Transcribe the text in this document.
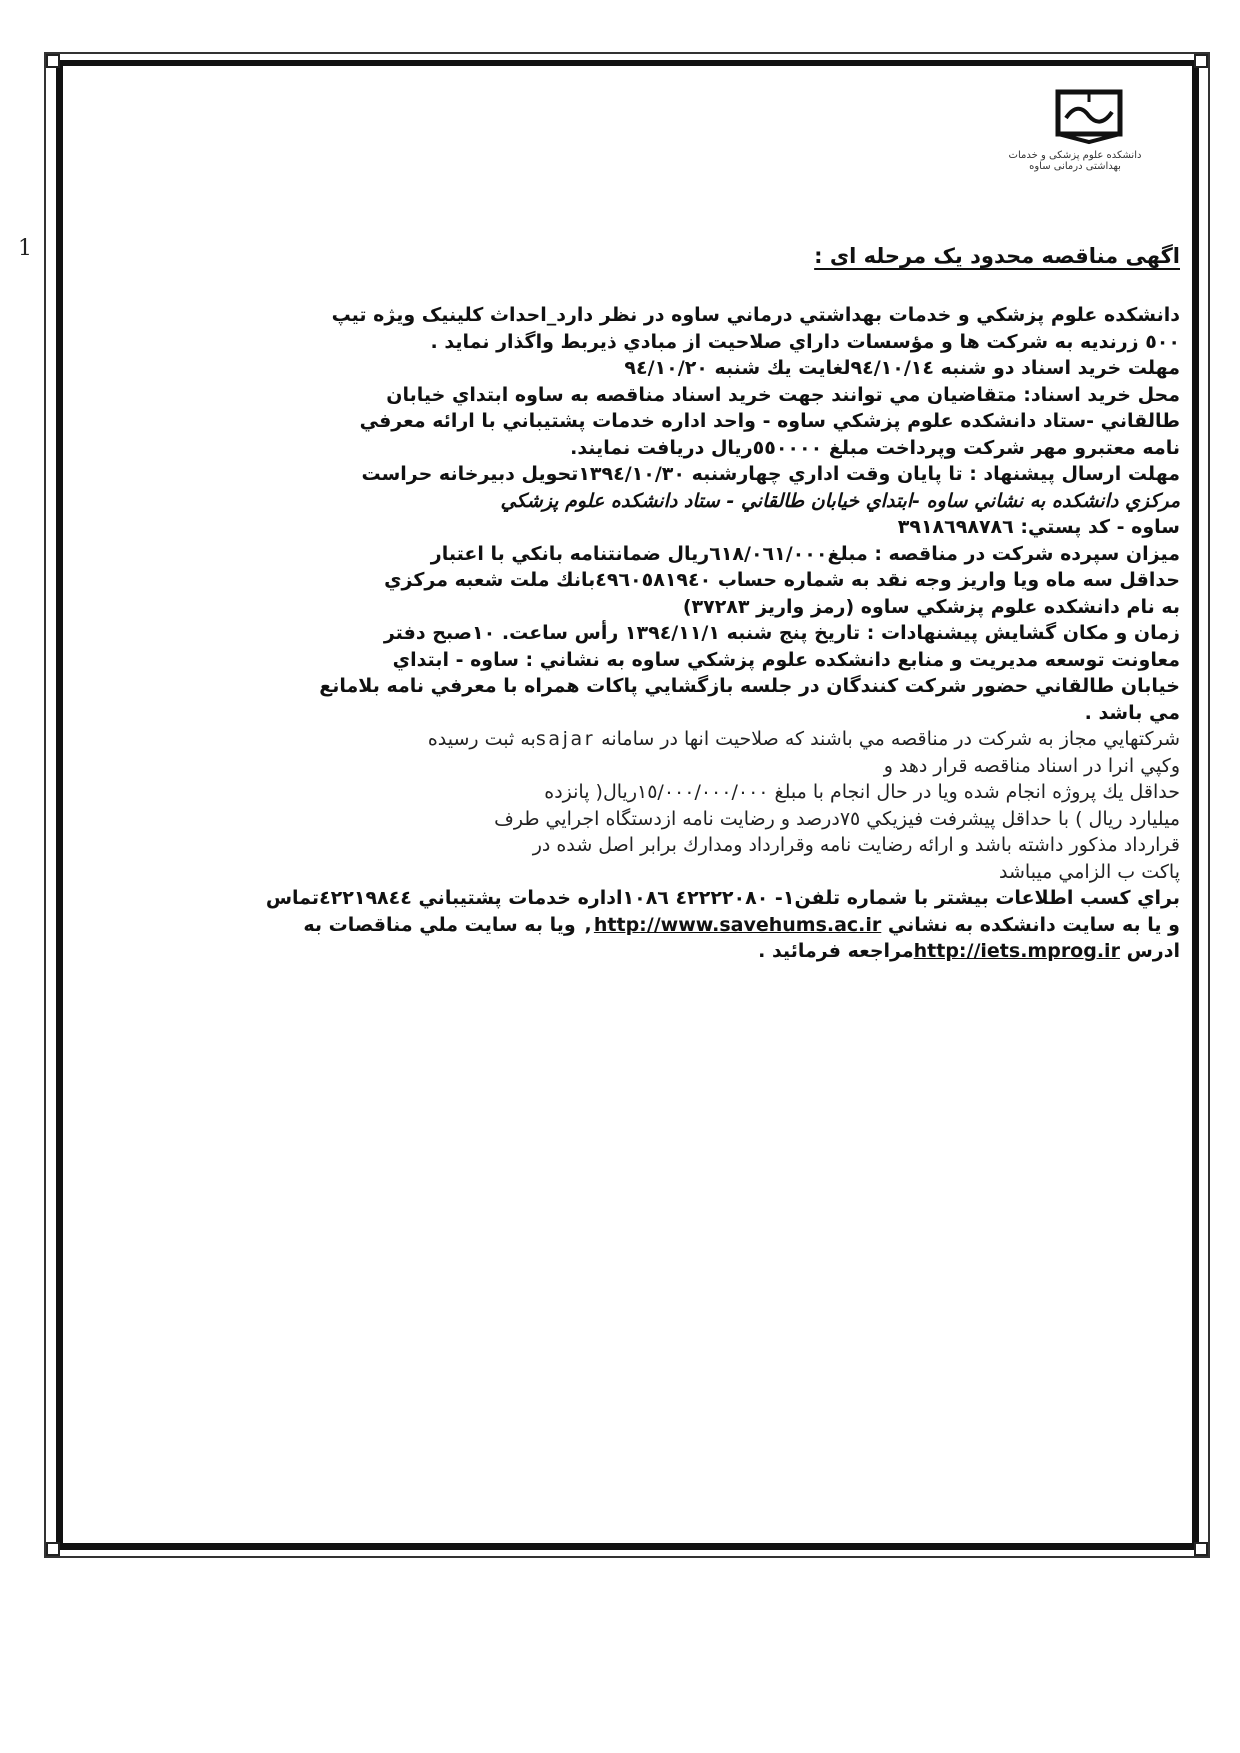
1
دانشکده علوم پزشکی و خدمات بهداشتی درمانی ساوه
اگهی مناقصه محدود یک مرحله ای :
دانشكده علوم پزشكي و خدمات بهداشتي درماني ساوه در نظر دارد_احداث كلينيک ويژه تيپ
٥٠٠ زرنديه به شركت ها و مؤسسات داراي صلاحيت از مبادي ذيربط واگذار نمايد .
مهلت خريد اسناد دو شنبه ٩٤/١٠/١٤لغايت يك شنبه ٩٤/١٠/٢٠
محل خريد اسناد: متقاضيان مي توانند جهت خريد اسناد مناقصه به ساوه ابتداي خيابان
طالقاني -ستاد دانشكده علوم پزشكي ساوه - واحد اداره خدمات پشتيباني با ارائه معرفي
نامه معتبرو مهر شركت وپرداخت مبلغ ٥٥٠٠٠٠ريال دريافت نمايند.
مهلت ارسال پيشنهاد : تا پايان وقت اداري چهارشنبه ١٣٩٤/١٠/٣٠تحويل دبيرخانه حراست
مركزي دانشكده به نشاني ساوه -ابتداي خيابان طالقاني - ستاد دانشكده علوم پزشكي
ساوه - كد پستي: ٣٩١٨٦٩٨٧٨٦
ميزان سپرده شركت در مناقصه : مبلغ٦١٨/٠٦١/٠٠٠ريال ضمانتنامه بانكي با اعتبار
حداقل سه ماه ويا واريز وجه نقد به شماره حساب ٤٩٦٠٥٨١٩٤٠بانك ملت شعبه مركزي
به نام دانشكده علوم پزشكي ساوه (رمز واريز ٣٧٢٨٣)
زمان و مكان گشايش پيشنهادات : تاريخ پنج شنبه ١٣٩٤/١١/١ رأس ساعت. ١٠صبح دفتر
معاونت توسعه مديريت و منابع دانشكده علوم پزشكي ساوه به نشاني : ساوه - ابتداي
خيابان طالقاني حضور شركت كنندگان در جلسه بازگشايي پاكات همراه با معرفي نامه بلامانع
مي باشد .
شركتهايي مجاز به شركت در مناقصه مي باشند كه صلاحيت انها در سامانه sajarبه ثبت رسيده
وكپي انرا در اسناد مناقصه قرار دهد و
حداقل يك پروژه انجام شده ويا در حال انجام با مبلغ ١٥/٠٠٠/٠٠٠/٠٠٠ريال( پانزده
ميليارد ريال ) با حداقل پيشرفت فيزيكي ٧٥درصد و رضايت نامه ازدستگاه اجرايي طرف
قرارداد مذكور داشته باشد و ارائه رضايت نامه وقرارداد ومدارك برابر اصل شده در
پاكت ب الزامي ميباشد
براي كسب اطلاعات بيشتر با شماره تلفن١- ٤٢٢٢٢٠٨٠ ١٠٨٦اداره خدمات پشتيباني ٤٢٢١٩٨٤٤تماس
و يا به سايت دانشكده به نشاني http://www.savehums.ac.ir, ويا به سايت ملي مناقصات به
ادرس http://iets.mprog.irمراجعه فرمائيد .
